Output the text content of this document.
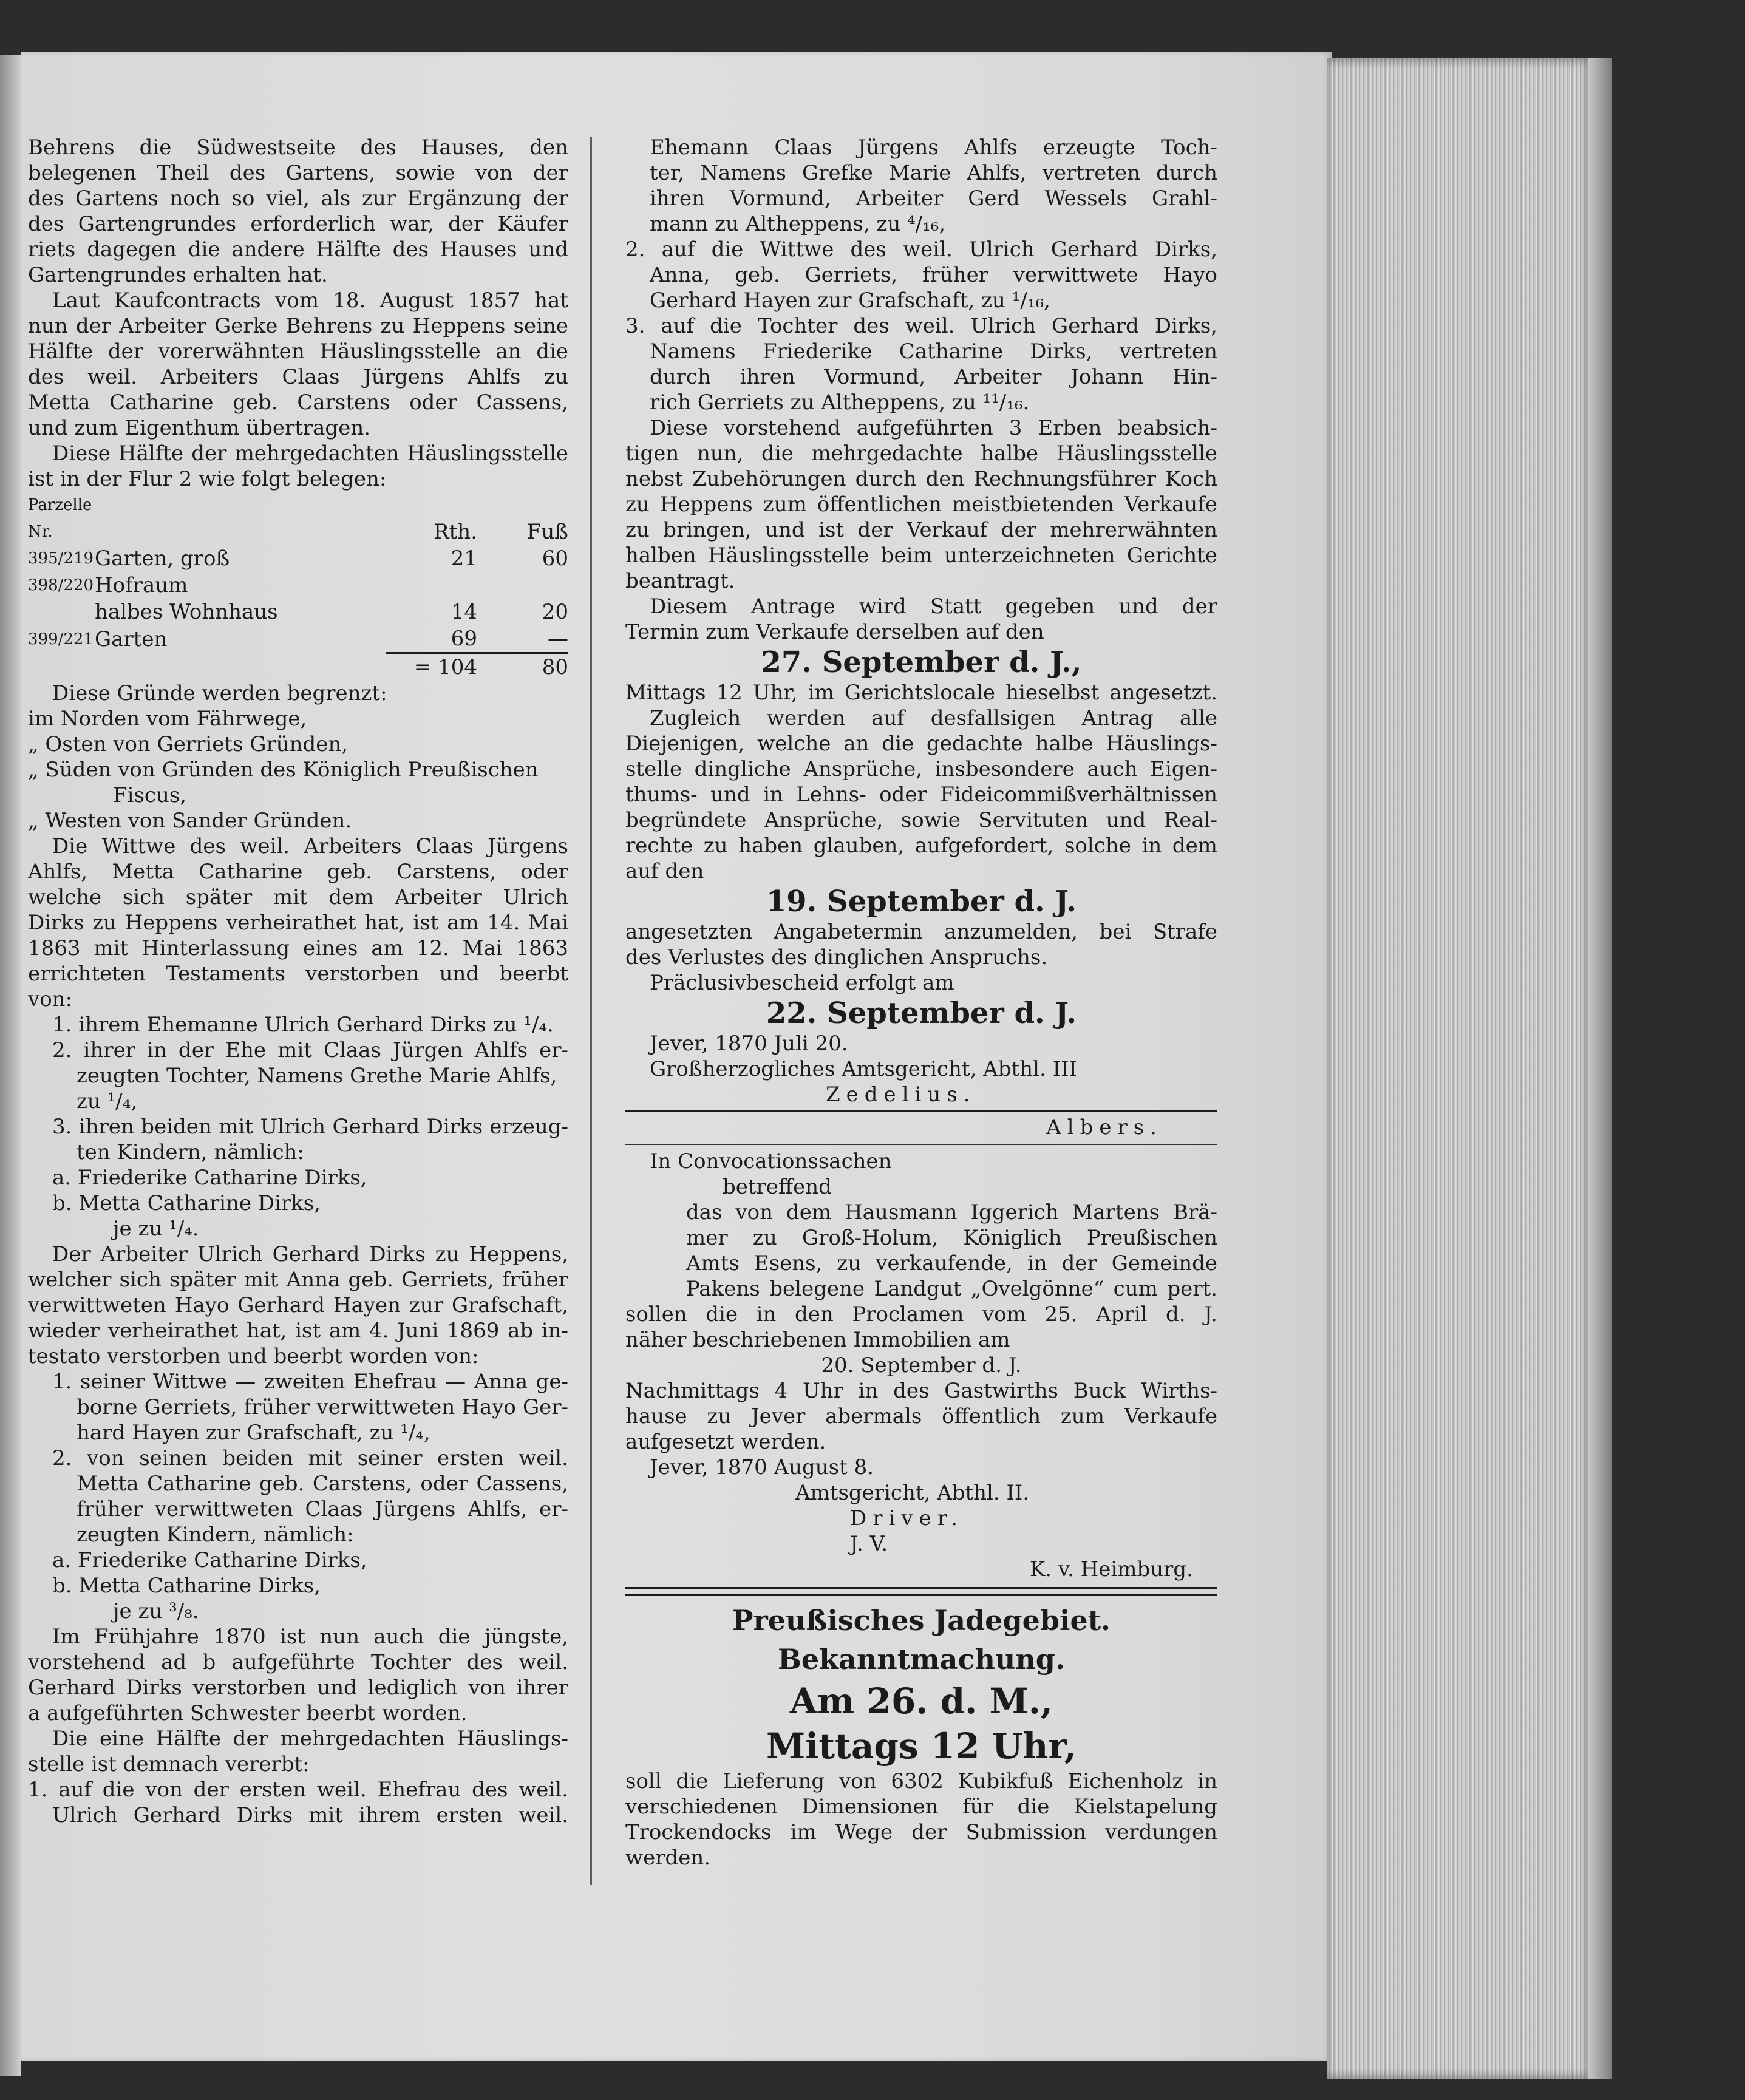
Behrens die Südwestseite des Hauses, den
belegenen Theil des Gartens, sowie von der
des Gartens noch so viel, als zur Ergänzung der
des Gartengrundes erforderlich war, der Käufer
riets dagegen die andere Hälfte des Hauses und
Gartengrundes erhalten hat.
Laut Kaufcontracts vom 18. August 1857 hat
nun der Arbeiter Gerke Behrens zu Heppens seine
Hälfte der vorerwähnten Häuslingsstelle an die
des weil. Arbeiters Claas Jürgens Ahlfs zu
Metta Catharine geb. Carstens oder Cassens,
und zum Eigenthum übertragen.
Diese Hälfte der mehrgedachten Häuslingsstelle
ist in der Flur 2 wie folgt belegen:
Parzelle			
Nr.		Rth.	Fuß
395/219	Garten, groß	21	60
398/220	Hofraum		
	halbes Wohnhaus	14	20
399/221	Garten	69	—
		= 104	80
Diese Gründe werden begrenzt:
im Norden vom Fährwege,
„ Osten von Gerriets Gründen,
„ Süden von Gründen des Königlich Preußischen
Fiscus,
„ Westen von Sander Gründen.
Die Wittwe des weil. Arbeiters Claas Jürgens
Ahlfs, Metta Catharine geb. Carstens, oder
welche sich später mit dem Arbeiter Ulrich
Dirks zu Heppens verheirathet hat, ist am 14. Mai
1863 mit Hinterlassung eines am 12. Mai 1863
errichteten Testaments verstorben und beerbt
von:
1. ihrem Ehemanne Ulrich Gerhard Dirks zu ¹/₄.
2. ihrer in der Ehe mit Claas Jürgen Ahlfs er-
zeugten Tochter, Namens Grethe Marie Ahlfs,
zu ¹/₄,
3. ihren beiden mit Ulrich Gerhard Dirks erzeug-
ten Kindern, nämlich:
a. Friederike Catharine Dirks,
b. Metta Catharine Dirks,
je zu ¹/₄.
Der Arbeiter Ulrich Gerhard Dirks zu Heppens,
welcher sich später mit Anna geb. Gerriets, früher
verwittweten Hayo Gerhard Hayen zur Grafschaft,
wieder verheirathet hat, ist am 4. Juni 1869 ab in-
testato verstorben und beerbt worden von:
1. seiner Wittwe — zweiten Ehefrau — Anna ge-
borne Gerriets, früher verwittweten Hayo Ger-
hard Hayen zur Grafschaft, zu ¹/₄,
2. von seinen beiden mit seiner ersten weil.
Metta Catharine geb. Carstens, oder Cassens,
früher verwittweten Claas Jürgens Ahlfs, er-
zeugten Kindern, nämlich:
a. Friederike Catharine Dirks,
b. Metta Catharine Dirks,
je zu ³/₈.
Im Frühjahre 1870 ist nun auch die jüngste,
vorstehend ad b aufgeführte Tochter des weil.
Gerhard Dirks verstorben und lediglich von ihrer
a aufgeführten Schwester beerbt worden.
Die eine Hälfte der mehrgedachten Häuslings-
stelle ist demnach vererbt:
1. auf die von der ersten weil. Ehefrau des weil.
Ulrich Gerhard Dirks mit ihrem ersten weil.
Ehemann Claas Jürgens Ahlfs erzeugte Toch-
ter, Namens Grefke Marie Ahlfs, vertreten durch
ihren Vormund, Arbeiter Gerd Wessels Grahl-
mann zu Altheppens, zu ⁴/₁₆,
2. auf die Wittwe des weil. Ulrich Gerhard Dirks,
Anna, geb. Gerriets, früher verwittwete Hayo
Gerhard Hayen zur Grafschaft, zu ¹/₁₆,
3. auf die Tochter des weil. Ulrich Gerhard Dirks,
Namens Friederike Catharine Dirks, vertreten
durch ihren Vormund, Arbeiter Johann Hin-
rich Gerriets zu Altheppens, zu ¹¹/₁₆.
Diese vorstehend aufgeführten 3 Erben beabsich-
tigen nun, die mehrgedachte halbe Häuslingsstelle
nebst Zubehörungen durch den Rechnungsführer Koch
zu Heppens zum öffentlichen meistbietenden Verkaufe
zu bringen, und ist der Verkauf der mehrerwähnten
halben Häuslingsstelle beim unterzeichneten Gerichte
beantragt.
Diesem Antrage wird Statt gegeben und der
Termin zum Verkaufe derselben auf den
27. September d. J.,
Mittags 12 Uhr, im Gerichtslocale hieselbst angesetzt.
Zugleich werden auf desfallsigen Antrag alle
Diejenigen, welche an die gedachte halbe Häuslings-
stelle dingliche Ansprüche, insbesondere auch Eigen-
thums- und in Lehns- oder Fideicommißverhältnissen
begründete Ansprüche, sowie Servituten und Real-
rechte zu haben glauben, aufgefordert, solche in dem
auf den
19. September d. J.
angesetzten Angabetermin anzumelden, bei Strafe
des Verlustes des dinglichen Anspruchs.
Präclusivbescheid erfolgt am
22. September d. J.
Jever, 1870 Juli 20.
Großherzogliches Amtsgericht, Abthl. III
Zedelius.
Albers.
In Convocationssachen
betreffend
das von dem Hausmann Iggerich Martens Brä-
mer zu Groß-Holum, Königlich Preußischen
Amts Esens, zu verkaufende, in der Gemeinde
Pakens belegene Landgut „Ovelgönne“ cum pert.
sollen die in den Proclamen vom 25. April d. J.
näher beschriebenen Immobilien am
20. September d. J.
Nachmittags 4 Uhr in des Gastwirths Buck Wirths-
hause zu Jever abermals öffentlich zum Verkaufe
aufgesetzt werden.
Jever, 1870 August 8.
Amtsgericht, Abthl. II.
Driver.
J. V.
K. v. Heimburg.
Preußisches Jadegebiet.
Bekanntmachung.
Am 26. d. M.,
Mittags 12 Uhr,
soll die Lieferung von 6302 Kubikfuß Eichenholz in
verschiedenen Dimensionen für die Kielstapelung
Trockendocks im Wege der Submission verdungen
werden.
